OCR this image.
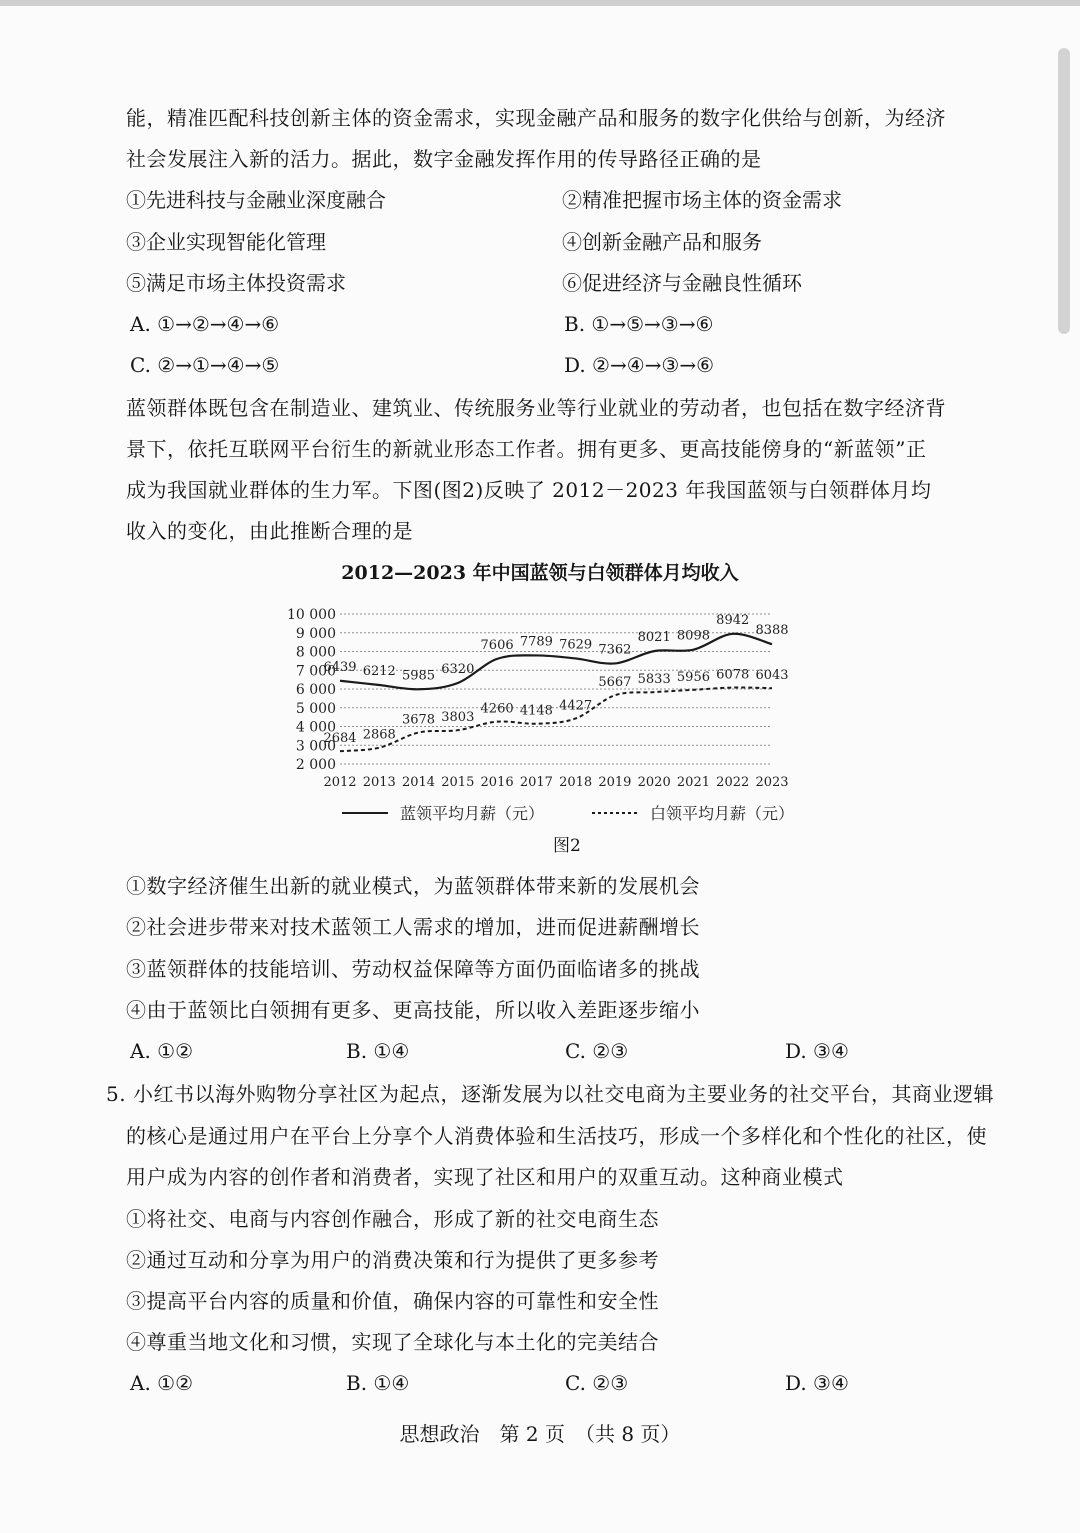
能，精准匹配科技创新主体的资金需求，实现金融产品和服务的数字化供给与创新，为经济
社会发展注入新的活力。据此，数字金融发挥作用的传导路径正确的是
①先进科技与金融业深度融合	②精准把握市场主体的资金需求
③企业实现智能化管理	④创新金融产品和服务
⑤满足市场主体投资需求	⑥促进经济与金融良性循环
A. ①→②→④→⑥	B. ①→⑤→③→⑥
C. ②→①→④→⑤	D. ②→④→③→⑥
蓝领群体既包含在制造业、建筑业、传统服务业等行业就业的劳动者，也包括在数字经济背
景下，依托互联网平台衍生的新就业形态工作者。拥有更多、更高技能傍身的“新蓝领”正
成为我国就业群体的生力军。下图(图2)反映了 2012－2023 年我国蓝领与白领群体月均
收入的变化，由此推断合理的是
2012—2023 年中国蓝领与白领群体月均收入
10 000
9 000
8 000
7 000
6 000
5 000
4 000
3 000
2 000
2012 2013 2014 2015 2016 2017 2018 2019 2020 2021 2022 2023
6439 6212 5985 6320
7606 7789 7629 7362
8021 8098
8942
8388
2684 2868
3678 3803
4260 4148 4427
5667 5833 5956 6078 6043
蓝领平均月薪（元）	白领平均月薪（元）
图2
①数字经济催生出新的就业模式，为蓝领群体带来新的发展机会
②社会进步带来对技术蓝领工人需求的增加，进而促进薪酬增长
③蓝领群体的技能培训、劳动权益保障等方面仍面临诸多的挑战
④由于蓝领比白领拥有更多、更高技能，所以收入差距逐步缩小
A. ①②	B. ①④	C. ②③	D. ③④
5. 小红书以海外购物分享社区为起点，逐渐发展为以社交电商为主要业务的社交平台，其商业逻辑
的核心是通过用户在平台上分享个人消费体验和生活技巧，形成一个多样化和个性化的社区，使
用户成为内容的创作者和消费者，实现了社区和用户的双重互动。这种商业模式
①将社交、电商与内容创作融合，形成了新的社交电商生态
②通过互动和分享为用户的消费决策和行为提供了更多参考
③提高平台内容的质量和价值，确保内容的可靠性和安全性
④尊重当地文化和习惯，实现了全球化与本土化的完美结合
A. ①②	B. ①④	C. ②③	D. ③④
思想政治　第 2 页　（共 8 页）
